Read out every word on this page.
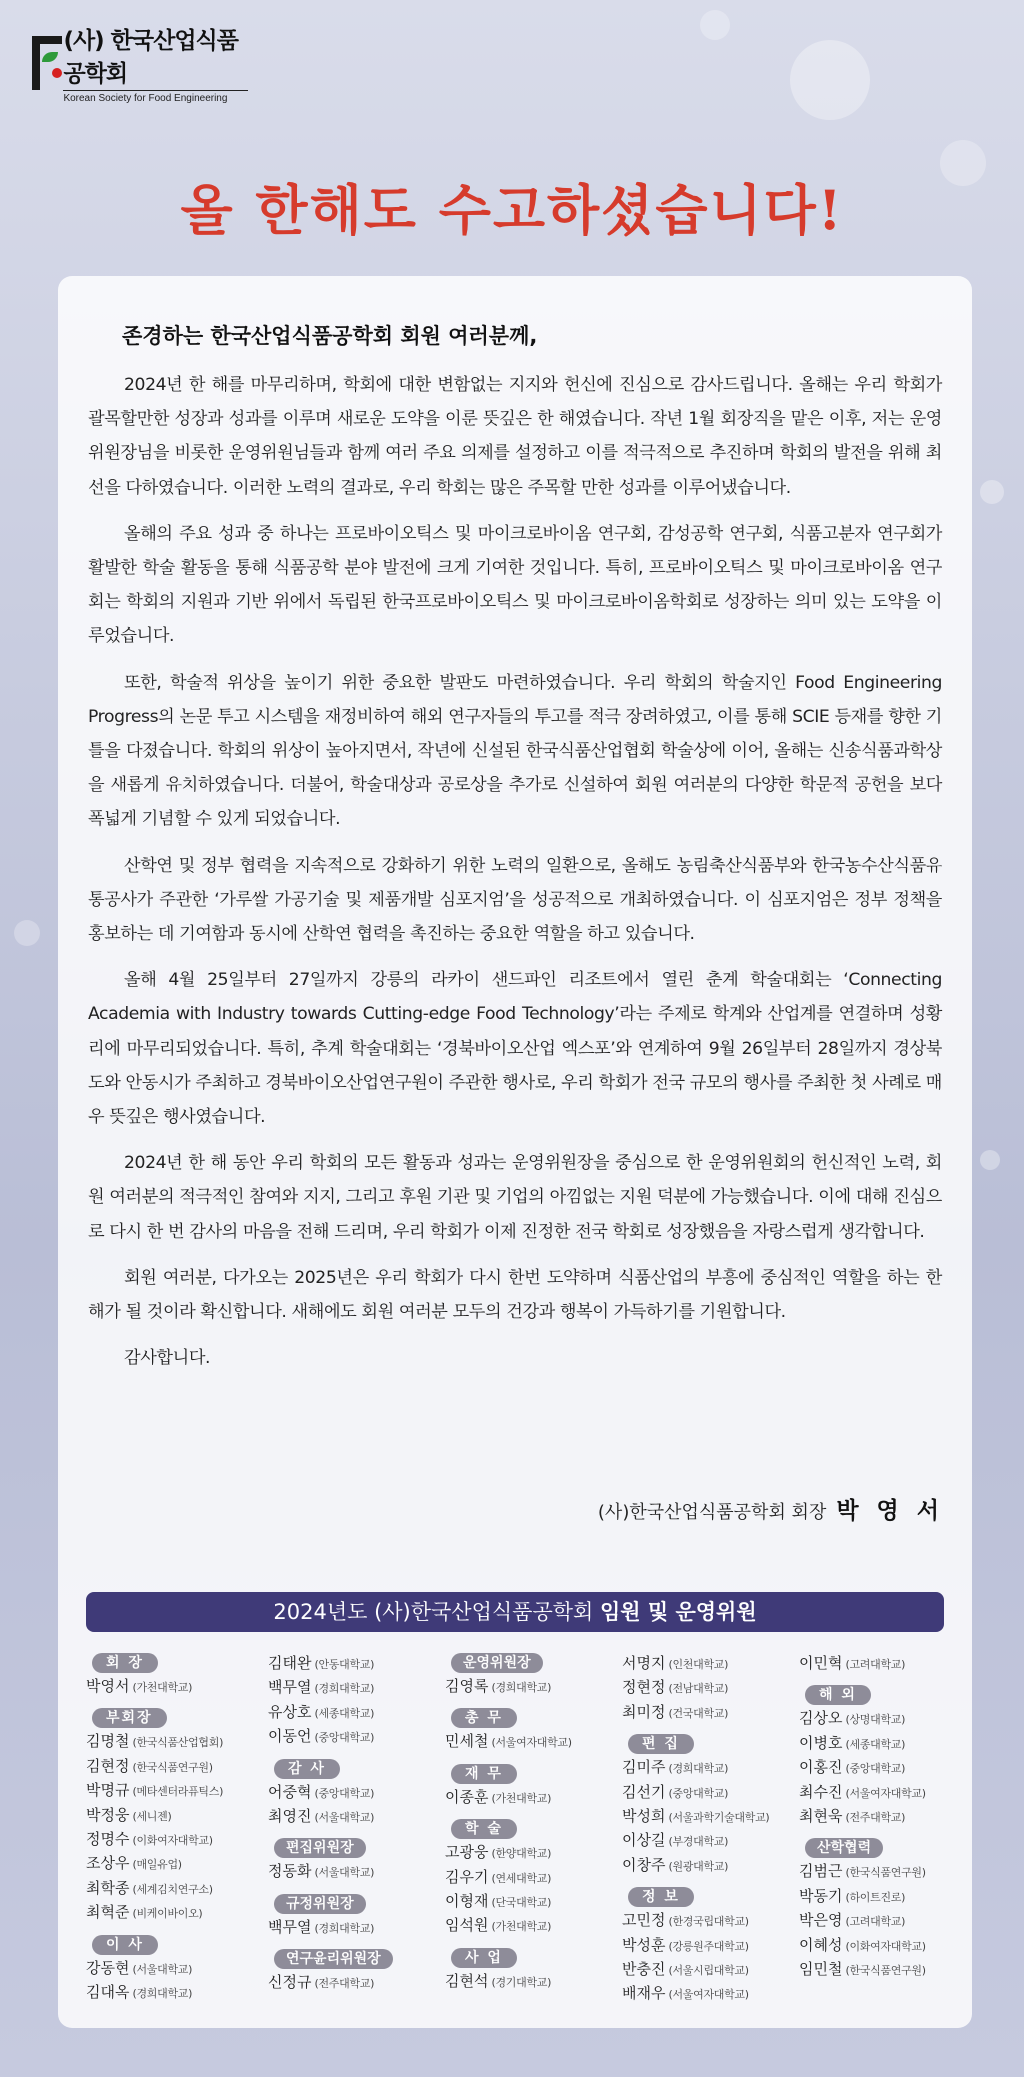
(사) 한국산업식품공학회
Korean Society for Food Engineering
올 한해도 수고하셨습니다!
존경하는 한국산업식품공학회 회원 여러분께,

2024년 한 해를 마무리하며, 학회에 대한 변함없는 지지와 헌신에 진심으로 감사드립니다. 올해는 우리 학회가 괄목할만한 성장과 성과를 이루며 새로운 도약을 이룬 뜻깊은 한 해였습니다. 작년 1월 회장직을 맡은 이후, 저는 운영위원장님을 비롯한 운영위원님들과 함께 여러 주요 의제를 설정하고 이를 적극적으로 추진하며 학회의 발전을 위해 최선을 다하였습니다. 이러한 노력의 결과로, 우리 학회는 많은 주목할 만한 성과를 이루어냈습니다.

올해의 주요 성과 중 하나는 프로바이오틱스 및 마이크로바이옴 연구회, 감성공학 연구회, 식품고분자 연구회가 활발한 학술 활동을 통해 식품공학 분야 발전에 크게 기여한 것입니다. 특히, 프로바이오틱스 및 마이크로바이옴 연구회는 학회의 지원과 기반 위에서 독립된 한국프로바이오틱스 및 마이크로바이옴학회로 성장하는 의미 있는 도약을 이루었습니다.

또한, 학술적 위상을 높이기 위한 중요한 발판도 마련하였습니다. 우리 학회의 학술지인 Food Engineering Progress의 논문 투고 시스템을 재정비하여 해외 연구자들의 투고를 적극 장려하였고, 이를 통해 SCIE 등재를 향한 기틀을 다졌습니다. 학회의 위상이 높아지면서, 작년에 신설된 한국식품산업협회 학술상에 이어, 올해는 신송식품과학상을 새롭게 유치하였습니다. 더불어, 학술대상과 공로상을 추가로 신설하여 회원 여러분의 다양한 학문적 공헌을 보다 폭넓게 기념할 수 있게 되었습니다.

산학연 및 정부 협력을 지속적으로 강화하기 위한 노력의 일환으로, 올해도 농림축산식품부와 한국농수산식품유통공사가 주관한 ‘가루쌀 가공기술 및 제품개발 심포지엄’을 성공적으로 개최하였습니다. 이 심포지엄은 정부 정책을 홍보하는 데 기여함과 동시에 산학연 협력을 촉진하는 중요한 역할을 하고 있습니다.

올해 4월 25일부터 27일까지 강릉의 라카이 샌드파인 리조트에서 열린 춘계 학술대회는 ‘Connecting Academia with Industry towards Cutting-edge Food Technology’라는 주제로 학계와 산업계를 연결하며 성황리에 마무리되었습니다. 특히, 추계 학술대회는 ‘경북바이오산업 엑스포’와 연계하여 9월 26일부터 28일까지 경상북도와 안동시가 주최하고 경북바이오산업연구원이 주관한 행사로, 우리 학회가 전국 규모의 행사를 주최한 첫 사례로 매우 뜻깊은 행사였습니다.

2024년 한 해 동안 우리 학회의 모든 활동과 성과는 운영위원장을 중심으로 한 운영위원회의 헌신적인 노력, 회원 여러분의 적극적인 참여와 지지, 그리고 후원 기관 및 기업의 아낌없는 지원 덕분에 가능했습니다. 이에 대해 진심으로 다시 한 번 감사의 마음을 전해 드리며, 우리 학회가 이제 진정한 전국 학회로 성장했음을 자랑스럽게 생각합니다.

회원 여러분, 다가오는 2025년은 우리 학회가 다시 한번 도약하며 식품산업의 부흥에 중심적인 역할을 하는 한 해가 될 것이라 확신합니다. 새해에도 회원 여러분 모두의 건강과 행복이 가득하기를 기원합니다.

감사합니다.

(사)한국산업식품공학회 회장 박 영 서
2024년도 (사)한국산업식품공학회 임원 및 운영위원
회 장
박영서 (가천대학교)
부회장
김명철 (한국식품산업협회)
김현정 (한국식품연구원)
박명규 (메타센터라퓨틱스)
박정웅 (세니젠)
정명수 (이화여자대학교)
조상우 (매일유업)
최학종 (세계김치연구소)
최혁준 (비케이바이오)
이 사
강동현 (서울대학교)
김대옥 (경희대학교)
김태완 (안동대학교)
백무열 (경희대학교)
유상호 (세종대학교)
이동언 (중앙대학교)
감 사
어중혁 (중앙대학교)
최영진 (서울대학교)
편집위원장
정동화 (서울대학교)
규정위원장
백무열 (경희대학교)
연구윤리위원장
신정규 (전주대학교)
운영위원장
김영록 (경희대학교)
총 무
민세철 (서울여자대학교)
재 무
이종훈 (가천대학교)
학 술
고광웅 (한양대학교)
김우기 (연세대학교)
이형재 (단국대학교)
임석원 (가천대학교)
사 업
김현석 (경기대학교)
서명지 (인천대학교)
정현정 (전남대학교)
최미정 (건국대학교)
편 집
김미주 (경희대학교)
김선기 (중앙대학교)
박성희 (서울과학기술대학교)
이상길 (부경대학교)
이창주 (원광대학교)
정 보
고민정 (한경국립대학교)
박성훈 (강릉원주대학교)
반충진 (서울시립대학교)
배재우 (서울여자대학교)
이민혁 (고려대학교)
해 외
김상오 (상명대학교)
이병호 (세종대학교)
이홍진 (중앙대학교)
최수진 (서울여자대학교)
최현욱 (전주대학교)
산학협력
김범근 (한국식품연구원)
박동기 (하이트진로)
박은영 (고려대학교)
이혜성 (이화여자대학교)
임민철 (한국식품연구원)
